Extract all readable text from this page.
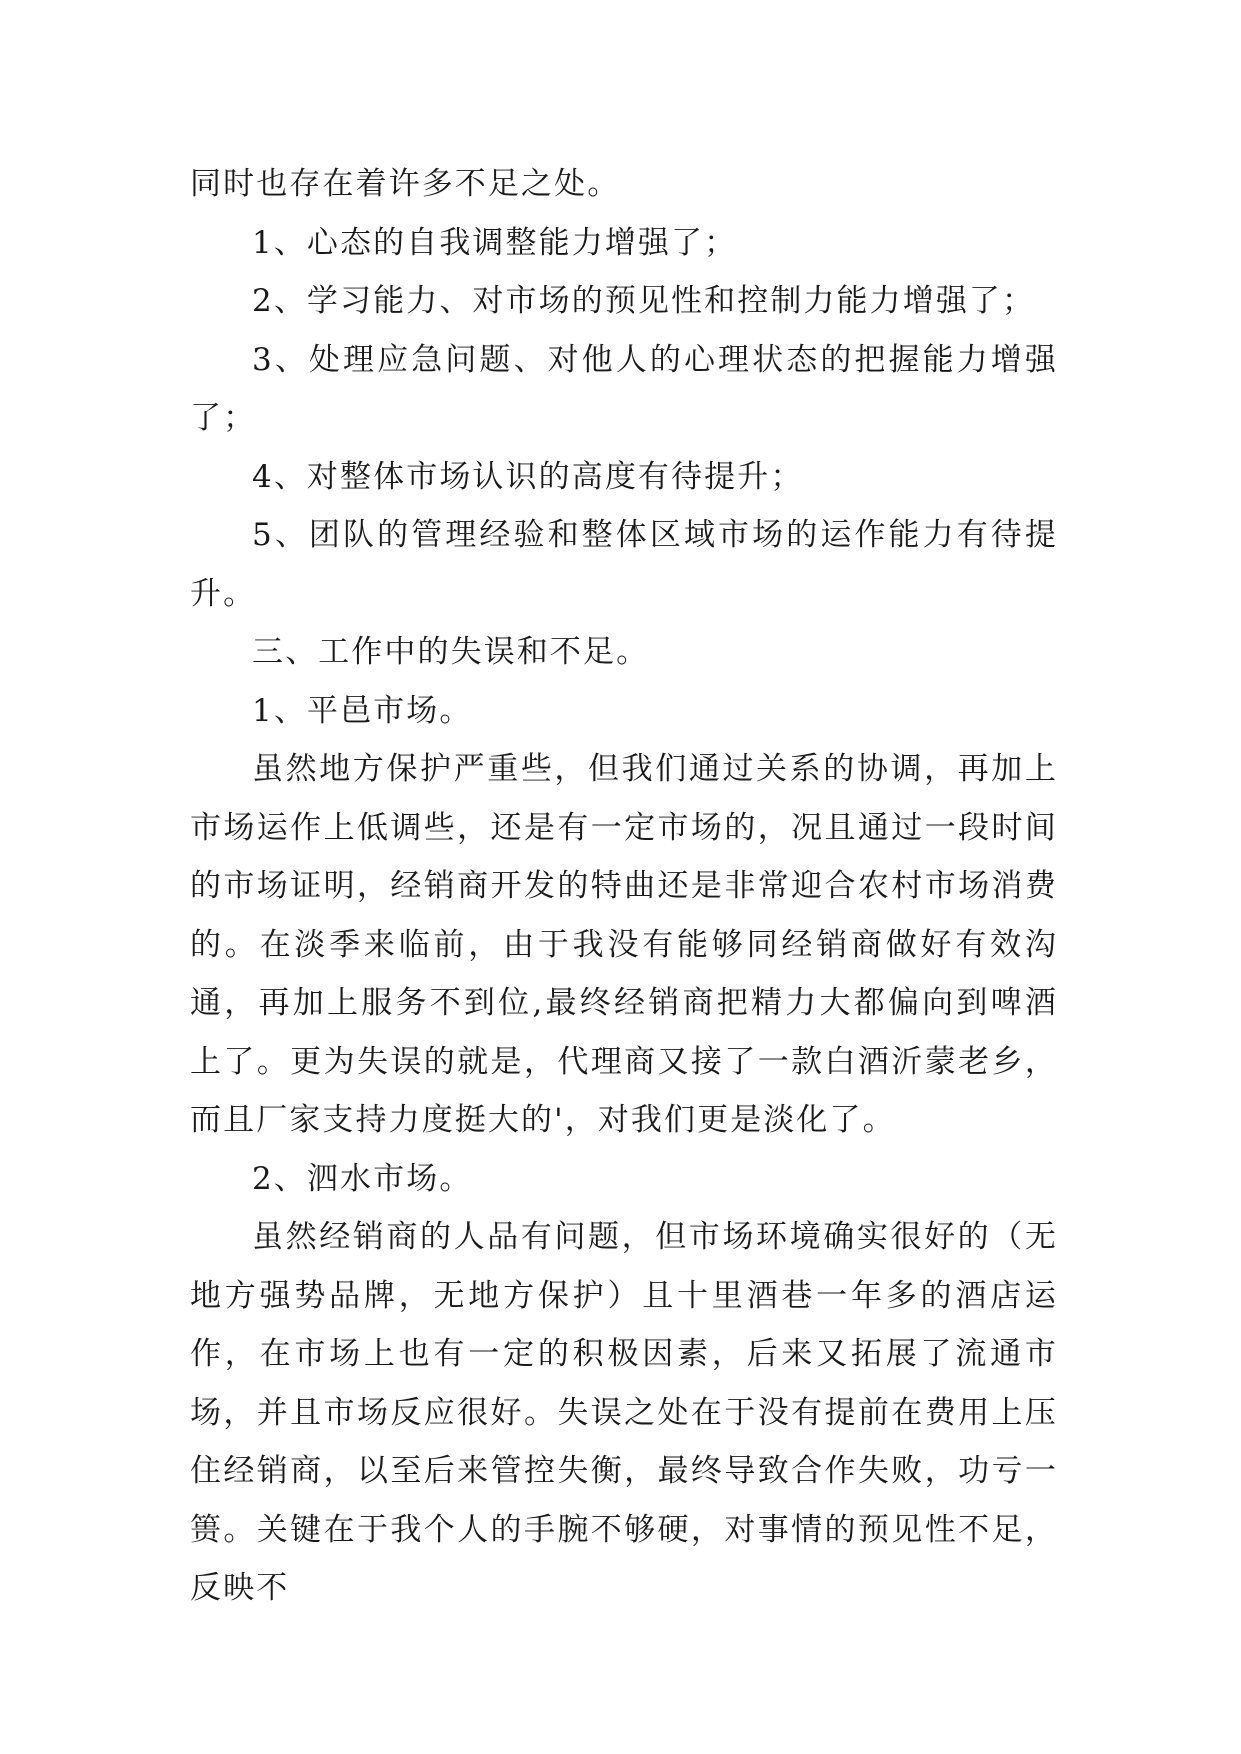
同时也存在着许多不足之处。

1、心态的自我调整能力增强了；

2、学习能力、对市场的预见性和控制力能力增强了；

3、处理应急问题、对他人的心理状态的把握能力增强了；

4、对整体市场认识的高度有待提升；

5、团队的管理经验和整体区域市场的运作能力有待提升。

三、工作中的失误和不足。

1、平邑市场。

虽然地方保护严重些，但我们通过关系的协调，再加上市场运作上低调些，还是有一定市场的，况且通过一段时间的市场证明，经销商开发的特曲还是非常迎合农村市场消费的。在淡季来临前，由于我没有能够同经销商做好有效沟通，再加上服务不到位,最终经销商把精力大都偏向到啤酒上了。更为失误的就是，代理商又接了一款白酒沂蒙老乡，而且厂家支持力度挺大的'，对我们更是淡化了。

2、泗水市场。

虽然经销商的人品有问题，但市场环境确实很好的（无地方强势品牌，无地方保护）且十里酒巷一年多的酒店运作，在市场上也有一定的积极因素，后来又拓展了流通市场，并且市场反应很好。失误之处在于没有提前在费用上压住经销商，以至后来管控失衡，最终导致合作失败，功亏一篑。关键在于我个人的手腕不够硬，对事情的预见性不足，反映不
